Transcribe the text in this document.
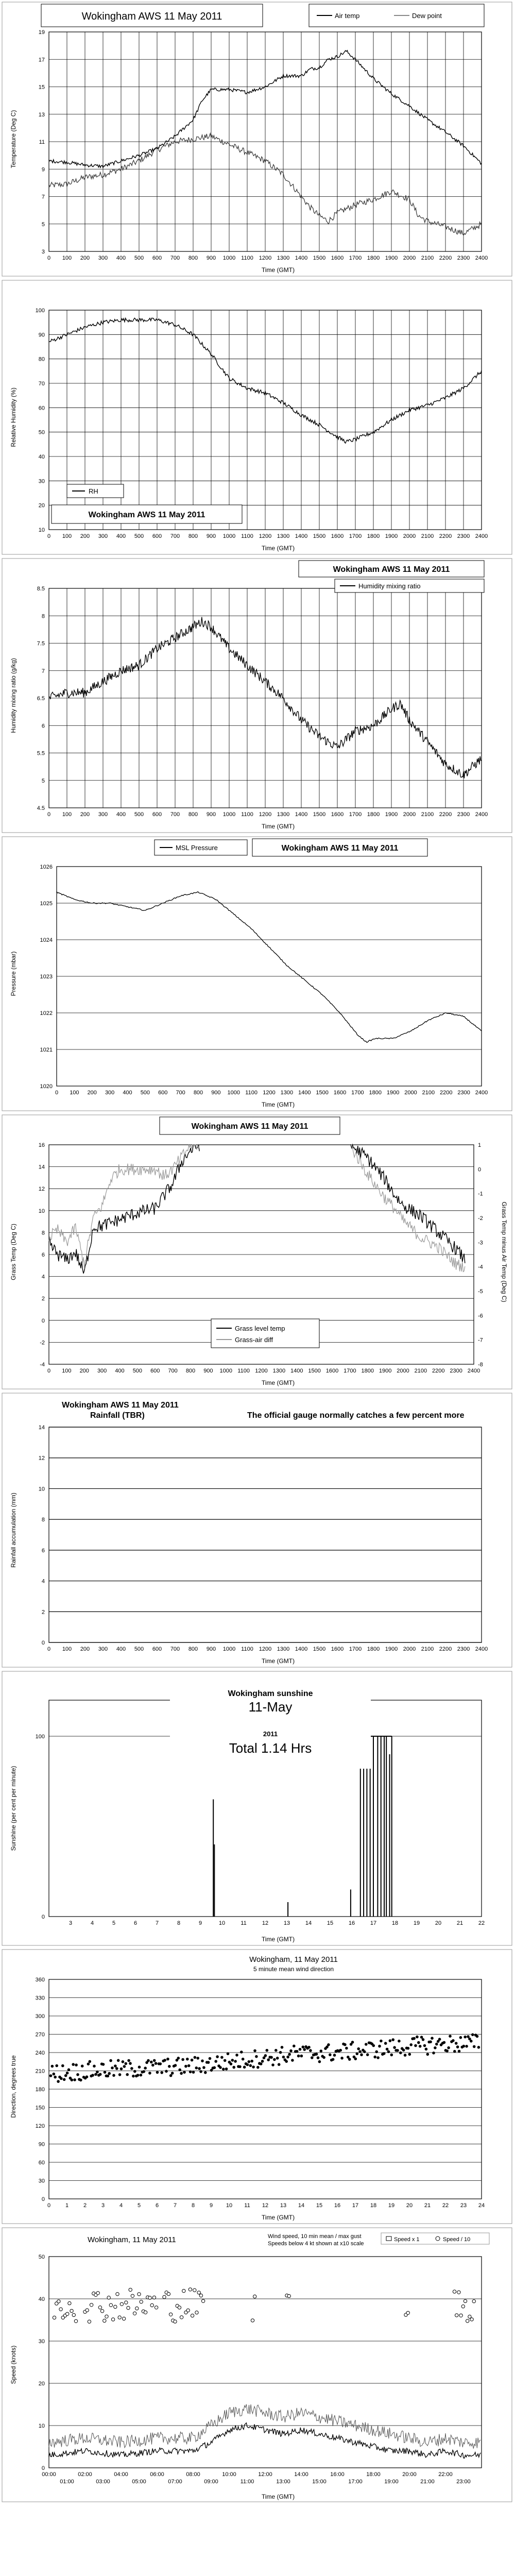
3
5
7
9
11
13
15
17
19
0 100 200 300 400 500 600 700 800 900 1000 1100 1200 1300 1400 1500 1600 1700 1800 1900 2000 2100 2200 2300 2400
Wokingham AWS 11 May 2011	Air temp	Dew point
Time (GMT)
Temperature (Deg C)
10
20
30
40
50
60
70
80
90
100
0 100 200 300 400 500 600 700 800 900 1000 1100 1200 1300 1400 1500 1600 1700 1800 1900 2000 2100 2200 2300 2400
RH
Wokingham AWS 11 May 2011
Time (GMT)
Relative Humidity (%)
4.5
5
5.5
6
6.5
7
7.5
8
8.5
0 100 200 300 400 500 600 700 800 900 1000 1100 1200 1300 1400 1500 1600 1700 1800 1900 2000 2100 2200 2300 2400
Wokingham AWS 11 May 2011
Humidity mixing ratio
Time (GMT)
Humidity mixing ratio (g/kg)
1020
1021
1022
1023
1024
1025
1026
0 100 200 300 400 500 600 700 800 900 1000 1100 1200 1300 1400 1500 1600 1700 1800 1900 2000 2100 2200 2300 2400
MSL Pressure	Wokingham AWS 11 May 2011
Time (GMT)
Pressure (mbar)
-4
-2
0
2
4
6
8
10
12
14
16
0 100 200 300 400 500 600 700 800 900 1000 1100 1200 1300 1400 1500 1600 1700 1800 1900 2000 2100 2200 2300 2400
-8
-7
-6
-5
-4
-3
-2
-1
0
1
Wokingham AWS 11 May 2011
Grass level temp
Grass-air diff
Time (GMT)
Grass Temp (Deg C)	Grass Temp minus Air Temp (Deg C)
0
2
4
6
8
10
12
14
0 100 200 300 400 500 600 700 800 900 1000 1100 1200 1300 1400 1500 1600 1700 1800 1900 2000 2100 2200 2300 2400
Wokingham AWS 11 May 2011
Rainfall (TBR)	The official gauge normally catches a few percent more
Time (GMT)
Rainfall accumulation (mm)
0
100
3	4	5	6	7	8	9	10	11	12	13	14	15	16	17	18	19	20	21	22
Wokingham sunshine
11-May
2011
Total 1.14 Hrs
Time (GMT)
Sunshine (per cent per minute)
0
30
60
90
120
150
180
210
240
270
300
330
360
0	1	2	3	4	5	6	7	8	9 10 11 12 13 14 15 16 17 18 19 20 21 22 23 24
Wokingham, 11 May 2011
5 minute mean wind direction
Time (GMT)
Direction, degrees true
0
10
20
30
40
50
00:00	02:00	04:00	06:00	08:00	10:00	12:00	14:00	16:00	18:00	20:00	22:00
01:00	03:00	05:00	07:00	09:00	11:00	13:00	15:00	17:00	19:00	21:00	23:00
Wokingham, 11 May 2011	Wind speed, 10 min mean / max gust
Speeds below 4 kt shown at x10 scale
Speed x 1	Speed / 10
Time (GMT)
Speed (knots)
